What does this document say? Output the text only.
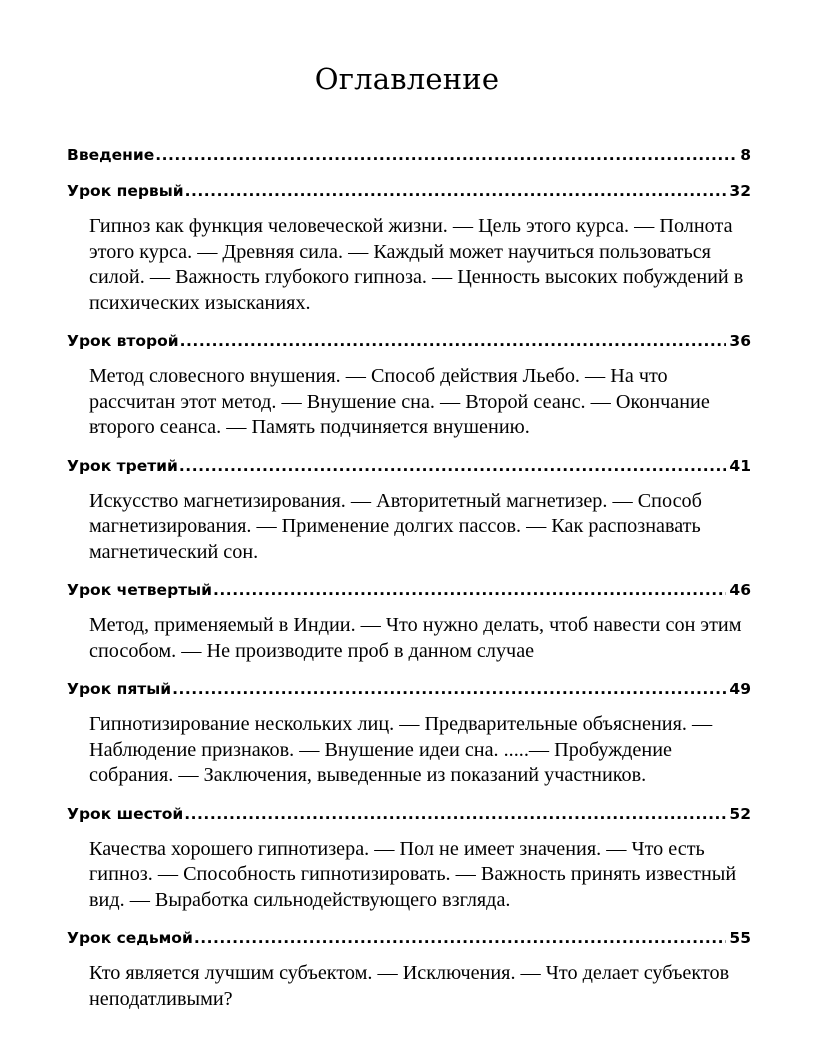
Оглавление
Введение .....	8
Урок первый .....	32

Гипноз как функция человеческой жизни. — Цель этого курса. — Полнота этого курса. — Древняя сила. — Каждый может научиться пользоваться силой. — Важность глубокого гипноза. — Ценность высоких побуждений в психических изысканиях.

Урок второй .....	36

Метод словесного внушения. — Способ действия Льебо. — На что рассчитан этот метод. — Внушение сна. — Второй сеанс. — Окончание второго сеанса. — Память подчиняется внушению.

Урок третий .....	41

Искусство магнетизирования. — Авторитетный магнетизер. — Способ магнетизирования. — Применение долгих пассов. — Как распознавать магнетический сон.

Урок четвертый .....	46

Метод, применяемый в Индии. — Что нужно делать, чтоб навести сон этим способом. — Не производите проб в данном случае

Урок пятый .....	49

Гипнотизирование нескольких лиц. — Предварительные объяснения. — Наблюдение признаков. — Внушение идеи сна. .....— Пробуждение собрания. — Заключения, выведенные из показаний участников.

Урок шестой .....	52

Качества хорошего гипнотизера. — Пол не имеет значения. — Что есть гипноз. — Способность гипнотизировать. — Важность принять известный вид. — Выработка сильнодействующего взгляда.

Урок седьмой .....	55

Кто является лучшим субъектом. — Исключения. — Что делает субъектов неподатливыми?
